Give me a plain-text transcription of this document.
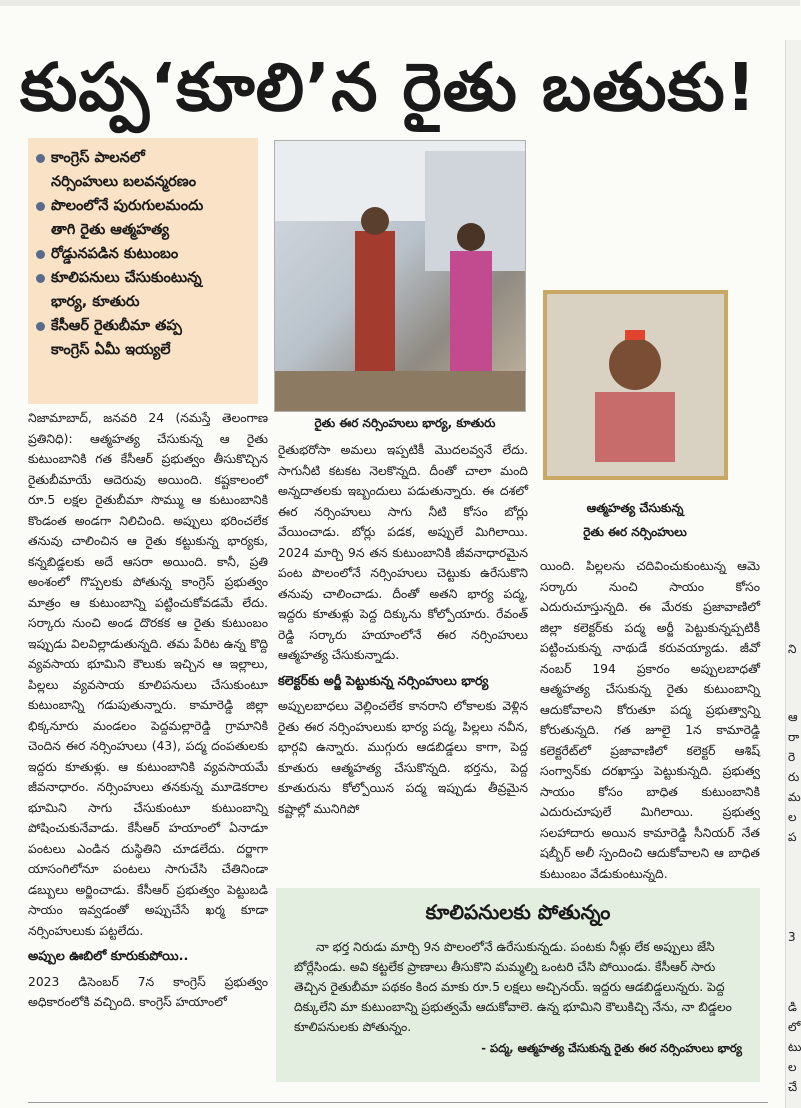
కుప్ప‘కూలి’న రైతు బతుకు!
కాంగ్రెస్‌ పాలనలో
నర్సింహులు బలవన్మరణం
పొలంలోనే పురుగులమందు
తాగి రైతు ఆత్మహత్య
రోడ్డునపడిన కుటుంబం
కూలిపనులు చేసుకుంటున్న
భార్య, కూతురు
కేసీఆర్‌ రైతుబీమా తప్ప
కాంగ్రెస్‌ ఏమీ ఇయ్యలే
రైతు ఈర నర్సింహులు భార్య, కూతురు
ఆత్మహత్య చేసుకున్న
రైతు ఈర నర్సింహులు
నిజామాబాద్‌, జనవరి 24 (నమస్తే తెలంగాణ ప్రతినిధి): ఆత్మహత్య చేసుకున్న ఆ రైతు కుటుంబానికి గత కేసీఆర్‌ ప్రభుత్వం తీసుకొచ్చిన రైతుబీమాయే ఆదెరువు అయింది. కష్టకాలంలో రూ.5 లక్షల రైతుబీమా సొమ్ము ఆ కుటుంబానికి కొండంత అండగా నిలిచింది. అప్పులు భరించలేక తనువు చాలించిన ఆ రైతు కట్టుకున్న భార్యకు, కన్నబిడ్డలకు అదే ఆసరా అయింది. కానీ, ప్రతి అంశంలో గొప్పలకు పోతున్న కాంగ్రెస్‌ ప్రభుత్వం మాత్రం ఆ కుటుంబాన్ని పట్టించుకోవడమే లేదు. సర్కారు నుంచి అండ దొరకక ఆ రైతు కుటుంబం ఇప్పుడు విలవిల్లాడుతున్నది. తమ పేరిట ఉన్న కొద్ది వ్యవసాయ భూమిని కౌలుకు ఇచ్చిన ఆ ఇల్లాలు, పిల్లలు వ్యవసాయ కూలిపనులు చేసుకుంటూ కుటుంబాన్ని గడుపుతున్నారు. కామారెడ్డి జిల్లా భిక్కనూరు మండలం పెద్దమల్లారెడ్డి గ్రామానికి చెందిన ఈర నర్సింహులు (43), పద్మ దంపతులకు ఇద్దరు కూతుళ్లు. ఆ కుటుంబానికి వ్యవసాయమే జీవనాధారం. నర్సింహులు తనకున్న మూడెకరాల భూమిని సాగు చేసుకుంటూ కుటుంబాన్ని పోషించుకునేవాడు. కేసీఆర్‌ హయాంలో ఏనాడూ పంటలు ఎండిన దుస్థితిని చూడలేదు. దర్జాగా యాసంగిలోనూ పంటలు సాగుచేసి చేతినిండా డబ్బులు అర్జించాడు. కేసీఆర్‌ ప్రభుత్వం పెట్టుబడి సాయం ఇవ్వడంతో అప్పుచేసే ఖర్మ కూడా నర్సింహులుకు పట్టలేదు.
అప్పుల ఊబిలో కూరుకుపోయి..
2023 డిసెంబర్‌ 7న కాంగ్రెస్‌ ప్రభుత్వం అధికారంలోకి వచ్చింది. కాంగ్రెస్‌ హయాంలో
రైతుభరోసా అమలు ఇప్పటికీ మొదలవ్వనే లేదు. సాగునీటి కటకట నెలకొన్నది. దీంతో చాలా మంది అన్నదాతలకు ఇబ్బందులు పడుతున్నారు. ఈ దశలో ఈర నర్సింహులు సాగు నీటి కోసం బోర్లు వేయించాడు. బోర్లు పడక, అప్పులే మిగిలాయి. 2024 మార్చి 9న తన కుటుంబానికి జీవనాధారమైన పంట పొలంలోనే నర్సింహులు చెట్టుకు ఉరేసుకొని తనువు చాలించాడు. దీంతో అతని భార్య పద్మ, ఇద్దరు కూతుళ్లు పెద్ద దిక్కును కోల్పోయారు. రేవంత్‌ రెడ్డి సర్కారు హయాంలోనే ఈర నర్సింహులు ఆత్మహత్య చేసుకున్నాడు.
కలెక్టర్‌కు అర్జీ పెట్టుకున్న నర్సింహులు భార్య
అప్పులబాధలు వెల్లించలేక కానరాని లోకాలకు వెళ్లిన రైతు ఈర నర్సింహులుకు భార్య పద్మ, పిల్లలు నవీన, భార్గవి ఉన్నారు. ముగ్గురు ఆడబిడ్డలు కాగా, పెద్ద కూతురు ఆత్మహత్య చేసుకొన్నది. భర్తను, పెద్ద కూతురును కోల్పోయిన పద్మ ఇప్పుడు తీవ్రమైన కష్టాల్లో మునిగిపో
యింది. పిల్లలను చదివించుకుంటున్న ఆమె సర్కారు నుంచి సాయం కోసం ఎదురుచూస్తున్నది. ఈ మేరకు ప్రజావాణిలో జిల్లా కలెక్టర్‌కు పద్మ అర్జీ పెట్టుకున్నప్పటికీ పట్టించుకున్న నాథుడే కరువయ్యాడు. జీవో నంబర్‌ 194 ప్రకారం అప్పులబాధతో ఆత్మహత్య చేసుకున్న రైతు కుటుంబాన్ని ఆదుకోవాలని కోరుతూ పద్మ ప్రభుత్వాన్ని కోరుతున్నది. గత జూలై 1న కామారెడ్డి కలెక్టరేట్‌లో ప్రజావాణిలో కలెక్టర్‌ ఆశిష్‌ సంగ్వాన్‌కు దరఖాస్తు పెట్టుకున్నది. ప్రభుత్వ సాయం కోసం బాధిత కుటుంబానికి ఎదురుచూపులే మిగిలాయి. ప్రభుత్వ సలహాదారు అయిన కామారెడ్డి సీనియర్‌ నేత షబ్బీర్‌ అలీ స్పందించి ఆదుకోవాలని ఆ బాధిత కుటుంబం వేడుకుంటున్నది.
కూలిపనులకు పోతున్నం
నా భర్త నిరుడు మార్చి 9న పొలంలోనే ఉరేసుకున్నడు. పంటకు నీళ్లు లేక అప్పులు జేసి బోర్లేసిండు. అవి కట్టలేక ప్రాణాలు తీసుకొని మమ్మల్ని ఒంటరి చేసి పోయిండు. కేసీఆర్‌ సారు తెచ్చిన రైతుబీమా పథకం కింద మాకు రూ.5 లక్షలు అచ్చినయ్‌. ఇద్దరు ఆడబిడ్డలున్నరు. పెద్ద దిక్కులేని మా కుటుంబాన్ని ప్రభుత్వమే ఆదుకోవాలె. ఉన్న భూమిని కౌలుకిచ్చి నేను, నా బిడ్డలం కూలిపనులకు పోతున్నం.
- పద్మ, ఆత్మహత్య చేసుకున్న రైతు ఈర నర్సింహులు భార్య
ని
ఆ
రా
రె
రు
మ
ల
ప
3
డి
లో
టు
ల
చే
